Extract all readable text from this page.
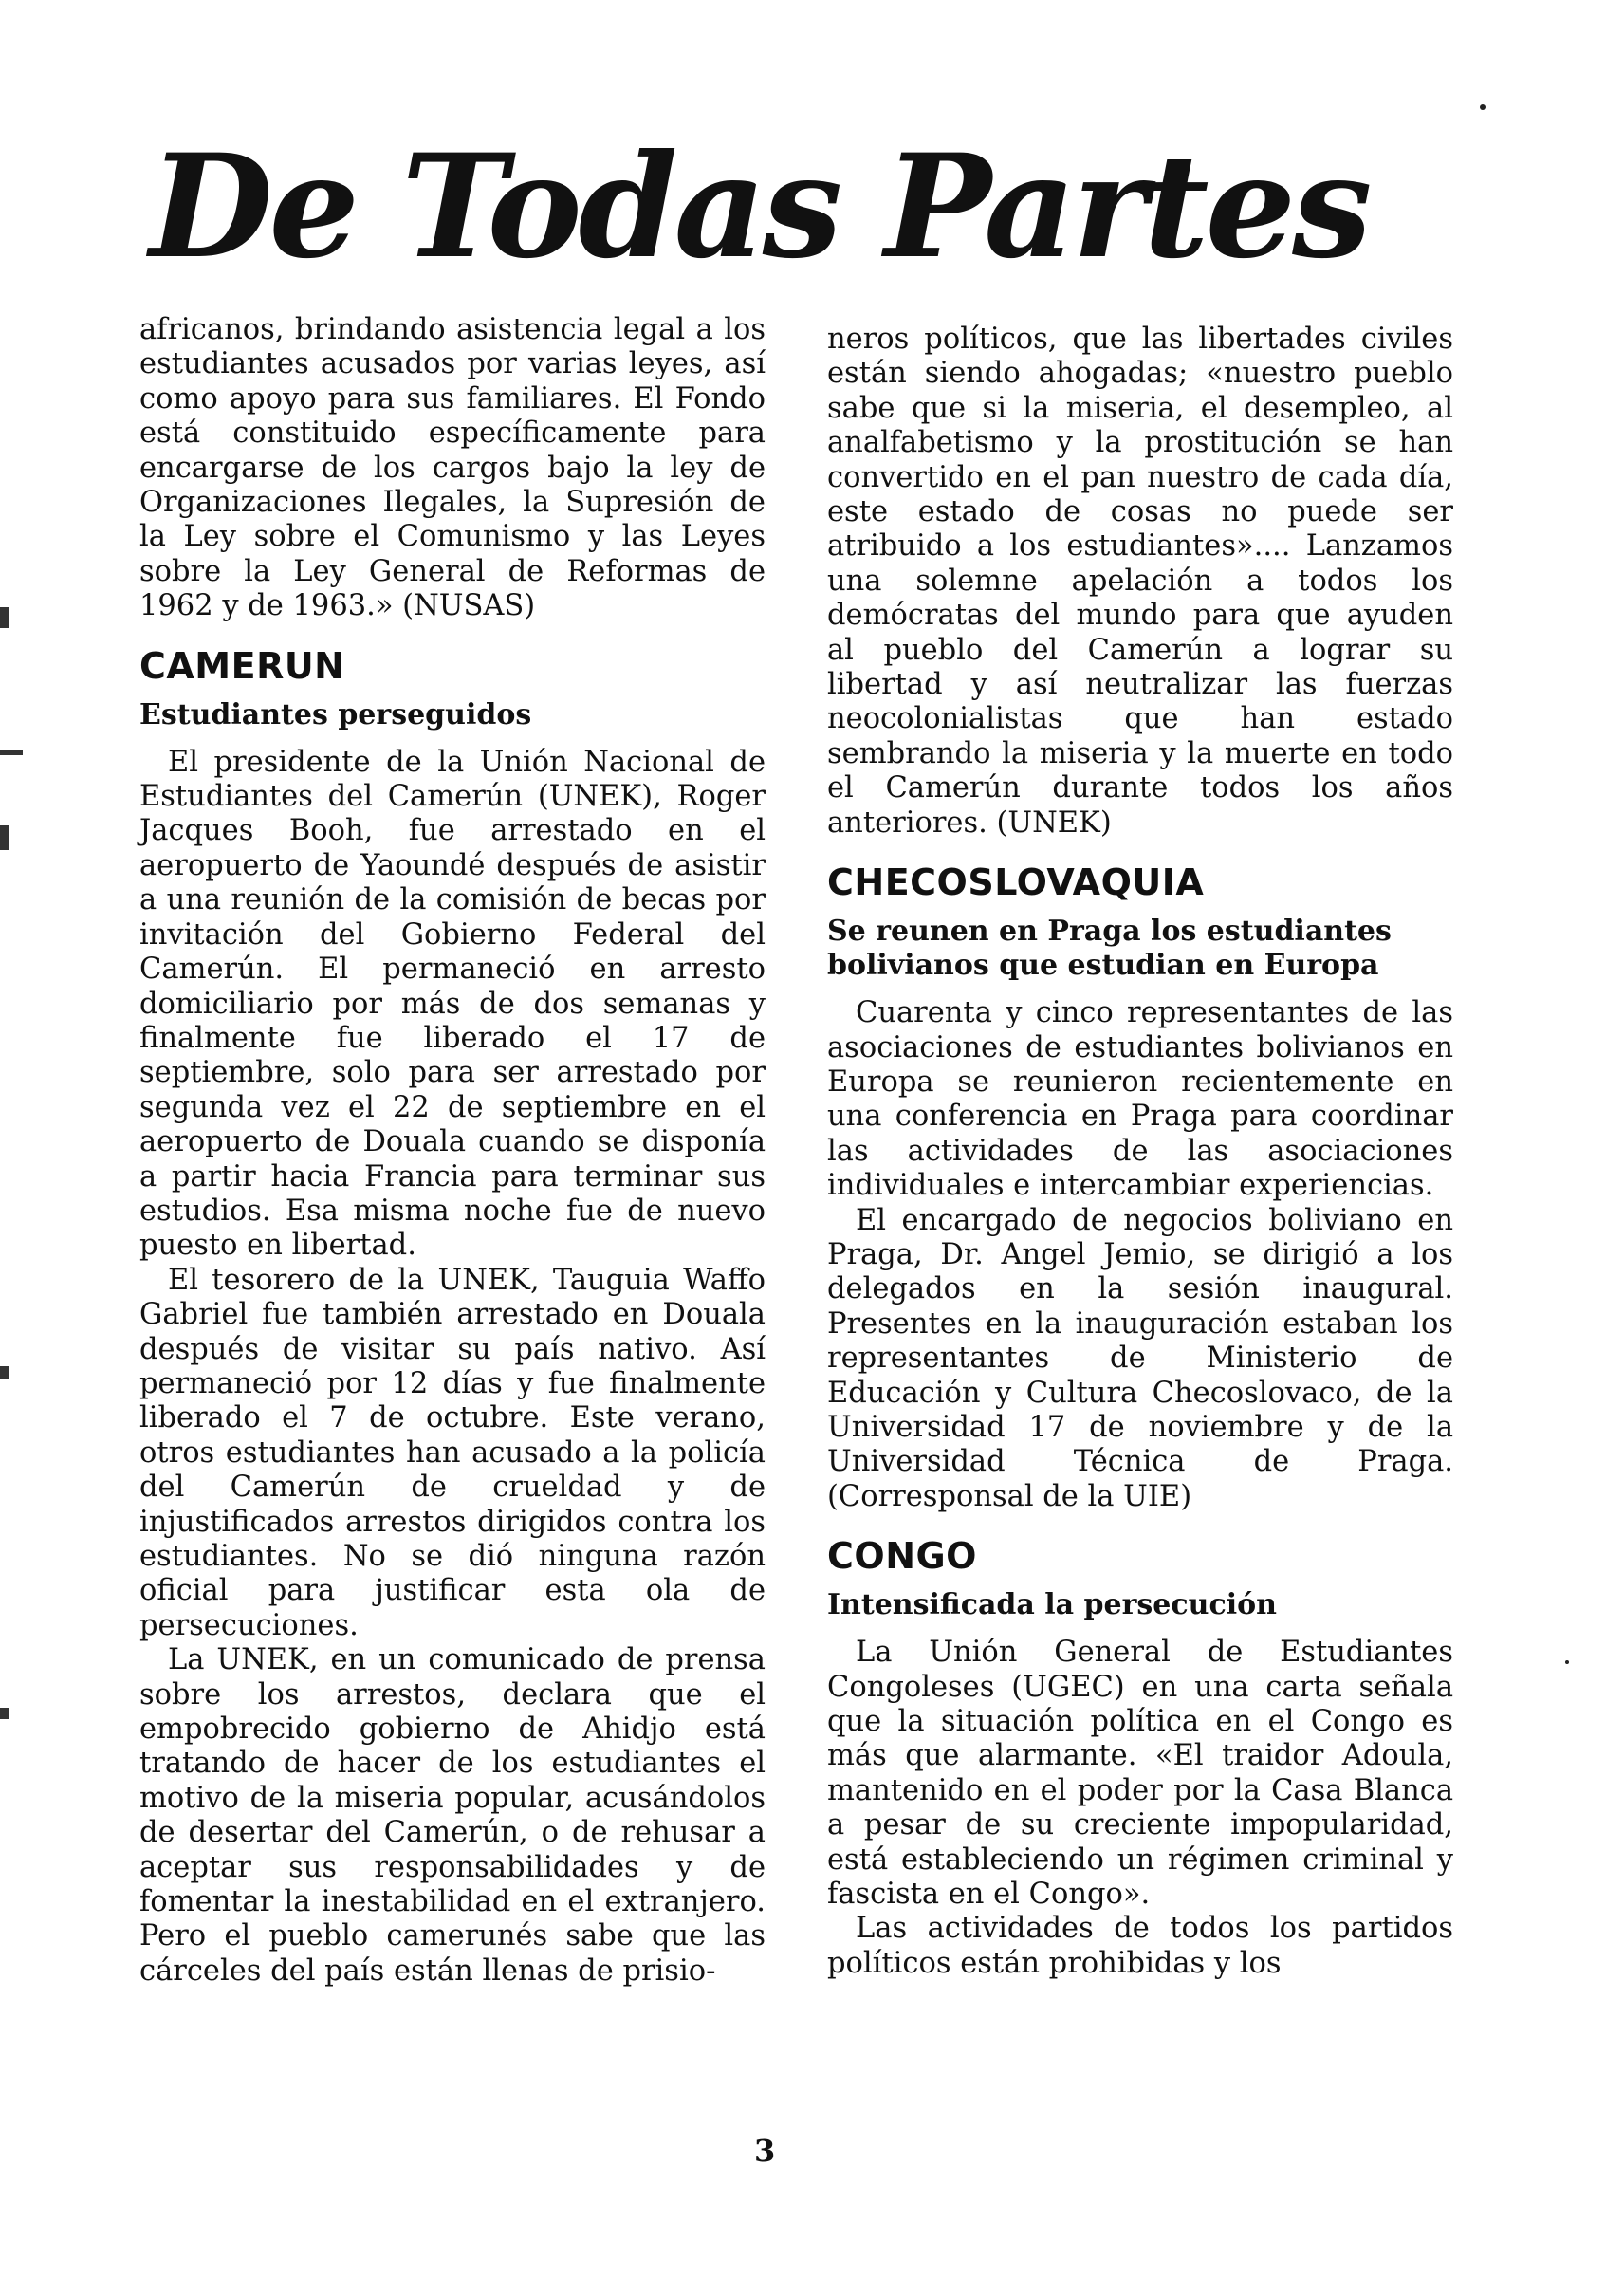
De Todas Partes

africanos, brindando asistencia legal a los estudiantes acusados por varias leyes, así como apoyo para sus familiares. El Fondo está constituido específicamente para encargarse de los cargos bajo la ley de Organizaciones Ilegales, la Supresión de la Ley sobre el Comunismo y las Leyes sobre la Ley General de Reformas de 1962 y de 1963.» (NUSAS)

CAMERUN
Estudiantes perseguidos

El presidente de la Unión Nacional de Estudiantes del Camerún (UNEK), Roger Jacques Booh, fue arrestado en el aeropuerto de Yaoundé después de asistir a una reunión de la comisión de becas por invitación del Gobierno Federal del Camerún. El permaneció en arresto domiciliario por más de dos semanas y finalmente fue liberado el 17 de septiembre, solo para ser arrestado por segunda vez el 22 de septiembre en el aeropuerto de Douala cuando se disponía a partir hacia Francia para terminar sus estudios. Esa misma noche fue de nuevo puesto en libertad.

El tesorero de la UNEK, Tauguia Waffo Gabriel fue también arrestado en Douala después de visitar su país nativo. Así permaneció por 12 días y fue finalmente liberado el 7 de octubre. Este verano, otros estudiantes han acusado a la policía del Camerún de crueldad y de injustificados arrestos dirigidos contra los estudiantes. No se dió ninguna razón oficial para justificar esta ola de persecuciones.

La UNEK, en un comunicado de prensa sobre los arrestos, declara que el empobrecido gobierno de Ahidjo está tratando de hacer de los estudiantes el motivo de la miseria popular, acusándolos de desertar del Camerún, o de rehusar a aceptar sus responsabilidades y de fomentar la inestabilidad en el extranjero. Pero el pueblo camerunés sabe que las cárceles del país están llenas de prisio-

neros políticos, que las libertades civiles están siendo ahogadas; «nuestro pueblo sabe que si la miseria, el desempleo, al analfabetismo y la prostitución se han convertido en el pan nuestro de cada día, este estado de cosas no puede ser atribuido a los estudiantes».... Lanzamos una solemne apelación a todos los demócratas del mundo para que ayuden al pueblo del Camerún a lograr su libertad y así neutralizar las fuerzas neocolonialistas que han estado sembrando la miseria y la muerte en todo el Camerún durante todos los años anteriores. (UNEK)

CHECOSLOVAQUIA
Se reunen en Praga los estudiantes bolivianos que estudian en Europa

Cuarenta y cinco representantes de las asociaciones de estudiantes bolivianos en Europa se reunieron recientemente en una conferencia en Praga para coordinar las actividades de las asociaciones individuales e intercambiar experiencias.

El encargado de negocios boliviano en Praga, Dr. Angel Jemio, se dirigió a los delegados en la sesión inaugural. Presentes en la inauguración estaban los representantes de Ministerio de Educación y Cultura Checoslovaco, de la Universidad 17 de noviembre y de la Universidad Técnica de Praga. (Corresponsal de la UIE)

CONGO
Intensificada la persecución

La Unión General de Estudiantes Congoleses (UGEC) en una carta señala que la situación política en el Congo es más que alarmante. «El traidor Adoula, mantenido en el poder por la Casa Blanca a pesar de su creciente impopularidad, está estableciendo un régimen criminal y fascista en el Congo».

Las actividades de todos los partidos políticos están prohibidas y los

3
